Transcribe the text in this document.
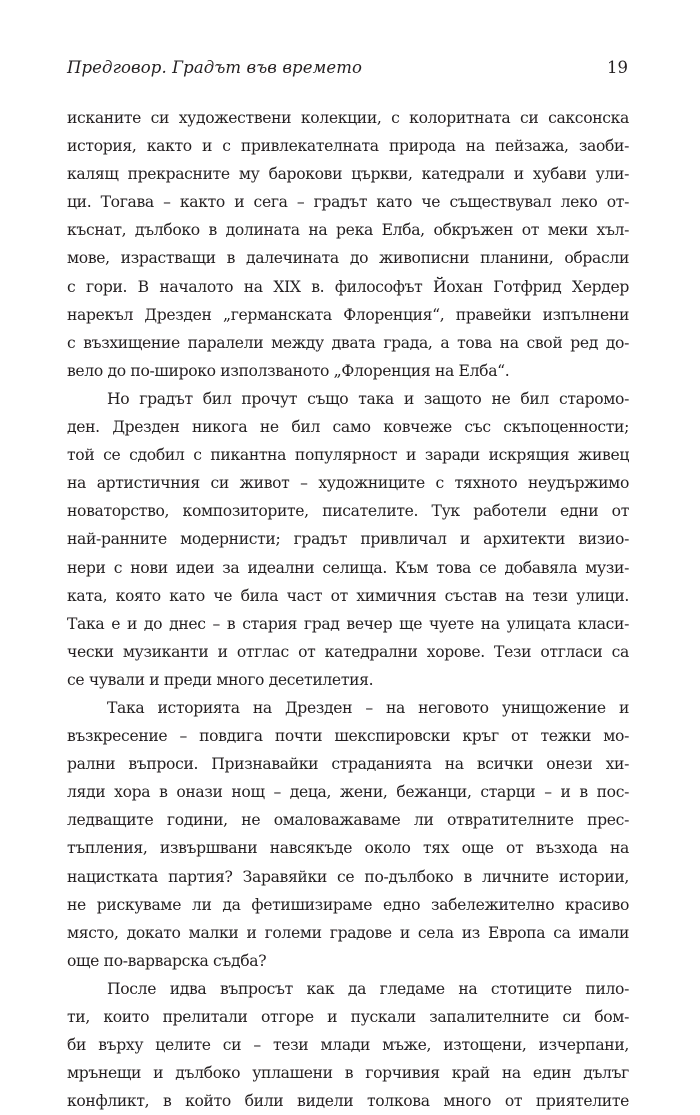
Предговор. Градът във времето	19
исканите си художествени колекции, с колоритната си саксонска
история, както и с привлекателната природа на пейзажа, заоби-
калящ прекрасните му барокови църкви, катедрали и хубави ули-
ци. Тогава – както и сега – градът като че съществувал леко от-
къснат, дълбоко в долината на река Елба, обкръжен от меки хъл-
мове, израстващи в далечината до живописни планини, обрасли
с гори. В началото на XIX в. философът Йохан Готфрид Хердер
нарекъл Дрезден „германската Флоренция“, правейки изпълнени
с възхищение паралели между двата града, а това на свой ред до-
вело до по-широко използваното „Флоренция на Елба“.
Но градът бил прочут също така и защото не бил старомо-
ден. Дрезден никога не бил само ковчеже със скъпоценности;
той се сдобил с пикантна популярност и заради искрящия живец
на артистичния си живот – художниците с тяхното неудържимо
новаторство, композиторите, писателите. Тук работели едни от
най-ранните модернисти; градът привличал и архитекти визио-
нери с нови идеи за идеални селища. Към това се добавяла музи-
ката, която като че била част от химичния състав на тези улици.
Така е и до днес – в стария град вечер ще чуете на улицата класи-
чески музиканти и отглас от катедрални хорове. Тези отгласи са
се чували и преди много десетилетия.
Така историята на Дрезден – на неговото унищожение и
възкресение – повдига почти шекспировски кръг от тежки мо-
рални въпроси. Признавайки страданията на всички онези хи-
ляди хора в онази нощ – деца, жени, бежанци, старци – и в пос-
ледващите години, не омаловажаваме ли отвратителните прес-
тъпления, извършвани навсякъде около тях още от възхода на
нацистката партия? Заравяйки се по-дълбоко в личните истории,
не рискуваме ли да фетишизираме едно забележително красиво
място, докато малки и големи градове и села из Европа са имали
още по-варварска съдба?
После идва въпросът как да гледаме на стотиците пило-
ти, които прелитали отгоре и пускали запалителните си бом-
би върху целите си – тези млади мъже, изтощени, изчерпани,
мрънещи и дълбоко уплашени в горчивия край на един дълъг
конфликт, в който били видели толкова много от приятелите
